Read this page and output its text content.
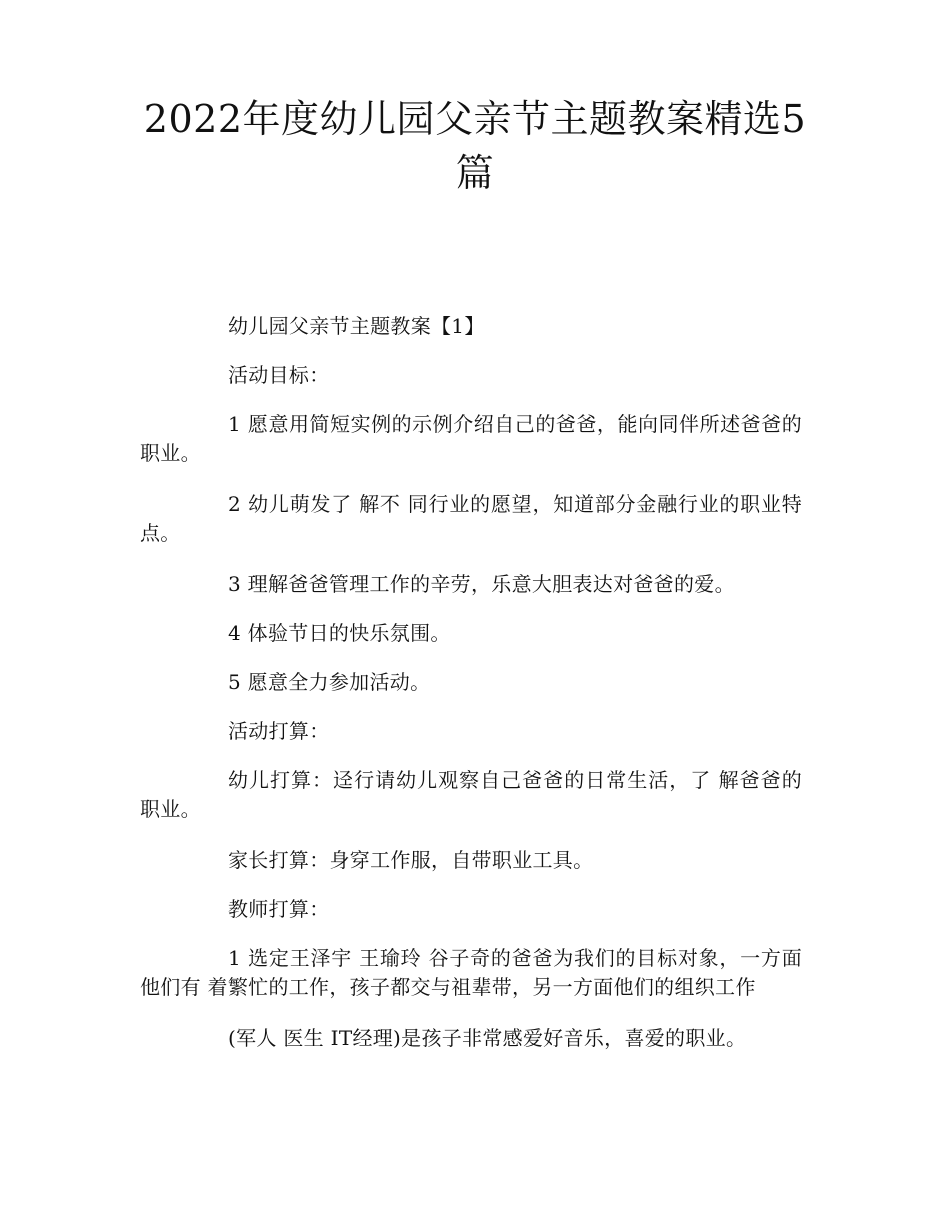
2022年度幼儿园父亲节主题教案精选5篇

幼儿园父亲节主题教案【1】

活动目标：

1 愿意用简短实例的示例介绍自己的爸爸，能向同伴所述爸爸的职业。

2 幼儿萌发了 解不 同行业的愿望，知道部分金融行业的职业特点。

3 理解爸爸管理工作的辛劳，乐意大胆表达对爸爸的爱。

4 体验节日的快乐氛围。

5 愿意全力参加活动。

活动打算：

幼儿打算：迳行请幼儿观察自己爸爸的日常生活，了 解爸爸的职业。

家长打算：身穿工作服，自带职业工具。

教师打算：

1 选定王泽宇 王瑜玲 谷子奇的爸爸为我们的目标对象，一方面他们有 着繁忙的工作，孩子都交与祖辈带，另一方面他们的组织工作

(军人 医生 IT经理)是孩子非常感爱好音乐，喜爱的职业。
